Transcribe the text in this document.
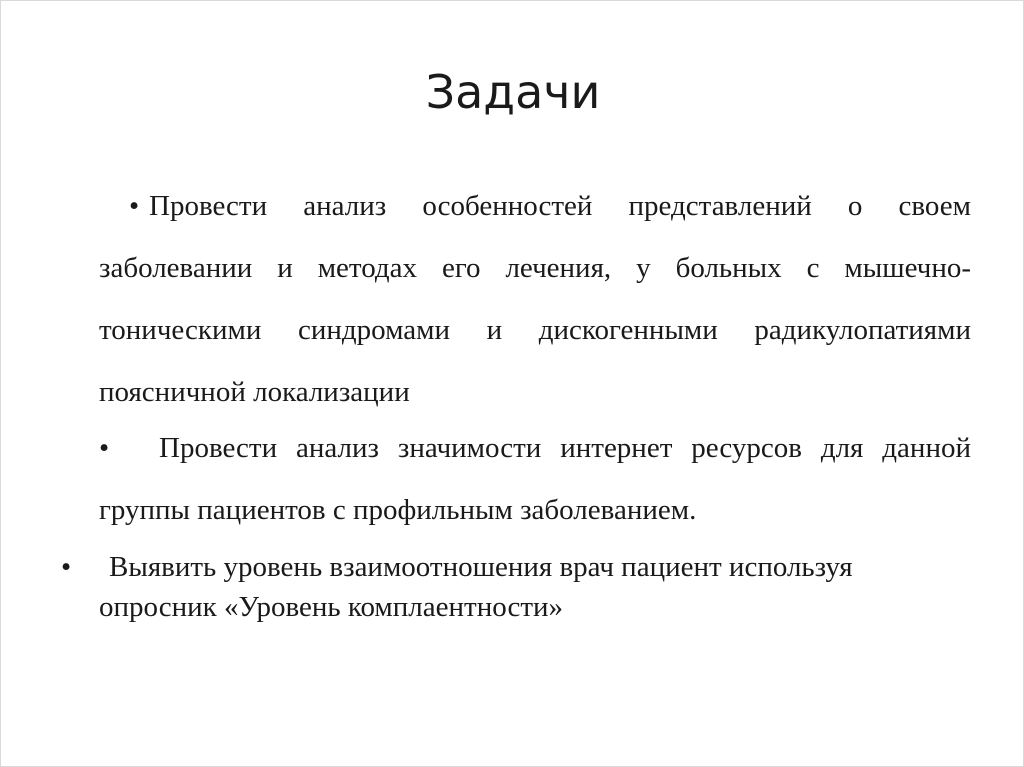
Задачи
• Провести анализ особенностей представлений о своем заболевании и методах его лечения, у больных с мышечно-тоническими синдромами и дискогенными радикулопатиями поясничной локализации
•	Провести анализ значимости интернет ресурсов для данной группы пациентов с профильным заболеванием.
•	Выявить уровень взаимоотношения врач пациент используя опросник «Уровень комплаентности»
